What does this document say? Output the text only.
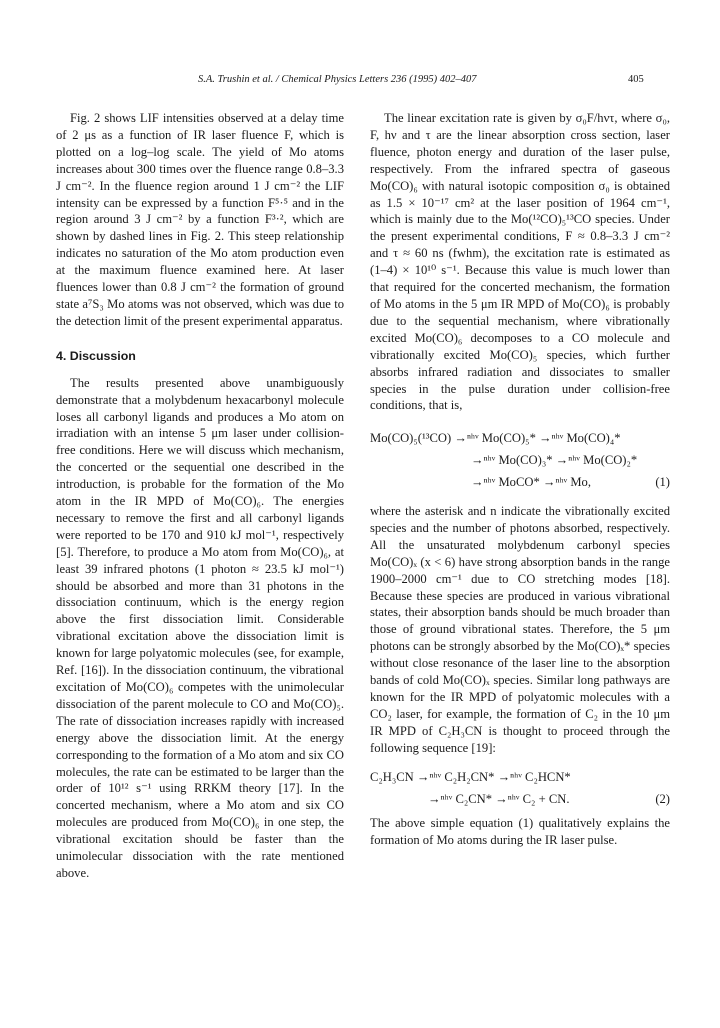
S.A. Trushin et al. / Chemical Physics Letters 236 (1995) 402–407	405

Fig. 2 shows LIF intensities observed at a delay time of 2 μs as a function of IR laser fluence F, which is plotted on a log–log scale. The yield of Mo atoms increases about 300 times over the fluence range 0.8–3.3 J cm⁻². In the fluence region around 1 J cm⁻² the LIF intensity can be expressed by a function F⁵·⁵ and in the region around 3 J cm⁻² by a function F³·², which are shown by dashed lines in Fig. 2. This steep relationship indicates no saturation of the Mo atom production even at the maximum fluence examined here. At laser fluences lower than 0.8 J cm⁻² the formation of ground state a⁷S₃ Mo atoms was not observed, which was due to the detection limit of the present experimental apparatus.

4. Discussion

The results presented above unambiguously demonstrate that a molybdenum hexacarbonyl molecule loses all carbonyl ligands and produces a Mo atom on irradiation with an intense 5 μm laser under collision-free conditions. Here we will discuss which mechanism, the concerted or the sequential one described in the introduction, is probable for the formation of the Mo atom in the IR MPD of Mo(CO)₆. The energies necessary to remove the first and all carbonyl ligands were reported to be 170 and 910 kJ mol⁻¹, respectively [5]. Therefore, to produce a Mo atom from Mo(CO)₆, at least 39 infrared photons (1 photon ≈ 23.5 kJ mol⁻¹) should be absorbed and more than 31 photons in the dissociation continuum, which is the energy region above the first dissociation limit. Considerable vibrational excitation above the dissociation limit is known for large polyatomic molecules (see, for example, Ref. [16]). In the dissociation continuum, the vibrational excitation of Mo(CO)₆ competes with the unimolecular dissociation of the parent molecule to CO and Mo(CO)₅. The rate of dissociation increases rapidly with increased energy above the dissociation limit. At the energy corresponding to the formation of a Mo atom and six CO molecules, the rate can be estimated to be larger than the order of 10¹² s⁻¹ using RRKM theory [17]. In the concerted mechanism, where a Mo atom and six CO molecules are produced from Mo(CO)₆ in one step, the vibrational excitation should be faster than the unimolecular dissociation with the rate mentioned above.

The linear excitation rate is given by σ₀F/hντ, where σ₀, F, hν and τ are the linear absorption cross section, laser fluence, photon energy and duration of the laser pulse, respectively. From the infrared spectra of gaseous Mo(CO)₆ with natural isotopic composition σ₀ is obtained as 1.5 × 10⁻¹⁷ cm² at the laser position of 1964 cm⁻¹, which is mainly due to the Mo(¹²CO)₅¹³CO species. Under the present experimental conditions, F ≈ 0.8–3.3 J cm⁻² and τ ≈ 60 ns (fwhm), the excitation rate is estimated as (1–4) × 10¹⁰ s⁻¹. Because this value is much lower than that required for the concerted mechanism, the formation of Mo atoms in the 5 μm IR MPD of Mo(CO)₆ is probably due to the sequential mechanism, where vibrationally excited Mo(CO)₆ decomposes to a CO molecule and vibrationally excited Mo(CO)₅ species, which further absorbs infrared radiation and dissociates to smaller species in the pulse duration under collision-free conditions, that is,

Mo(CO)₅(¹³CO) →ⁿʰᵛ Mo(CO)₅* →ⁿʰᵛ Mo(CO)₄*
→ⁿʰᵛ Mo(CO)₃* →ⁿʰᵛ Mo(CO)₂*
→ⁿʰᵛ MoCO* →ⁿʰᵛ Mo,	(1)

where the asterisk and n indicate the vibrationally excited species and the number of photons absorbed, respectively. All the unsaturated molybdenum carbonyl species Mo(CO)ₓ (x < 6) have strong absorption bands in the range 1900–2000 cm⁻¹ due to CO stretching modes [18]. Because these species are produced in various vibrational states, their absorption bands should be much broader than those of ground vibrational states. Therefore, the 5 μm photons can be strongly absorbed by the Mo(CO)ₓ* species without close resonance of the laser line to the absorption bands of cold Mo(CO)ₓ species. Similar long pathways are known for the IR MPD of polyatomic molecules with a CO₂ laser, for example, the formation of C₂ in the 10 μm IR MPD of C₂H₃CN is thought to proceed through the following sequence [19]:

C₂H₃CN →ⁿʰᵛ C₂H₂CN* →ⁿʰᵛ C₂HCN*
→ⁿʰᵛ C₂CN* →ⁿʰᵛ C₂ + CN.	(2)

The above simple equation (1) qualitatively explains the formation of Mo atoms during the IR laser pulse.
